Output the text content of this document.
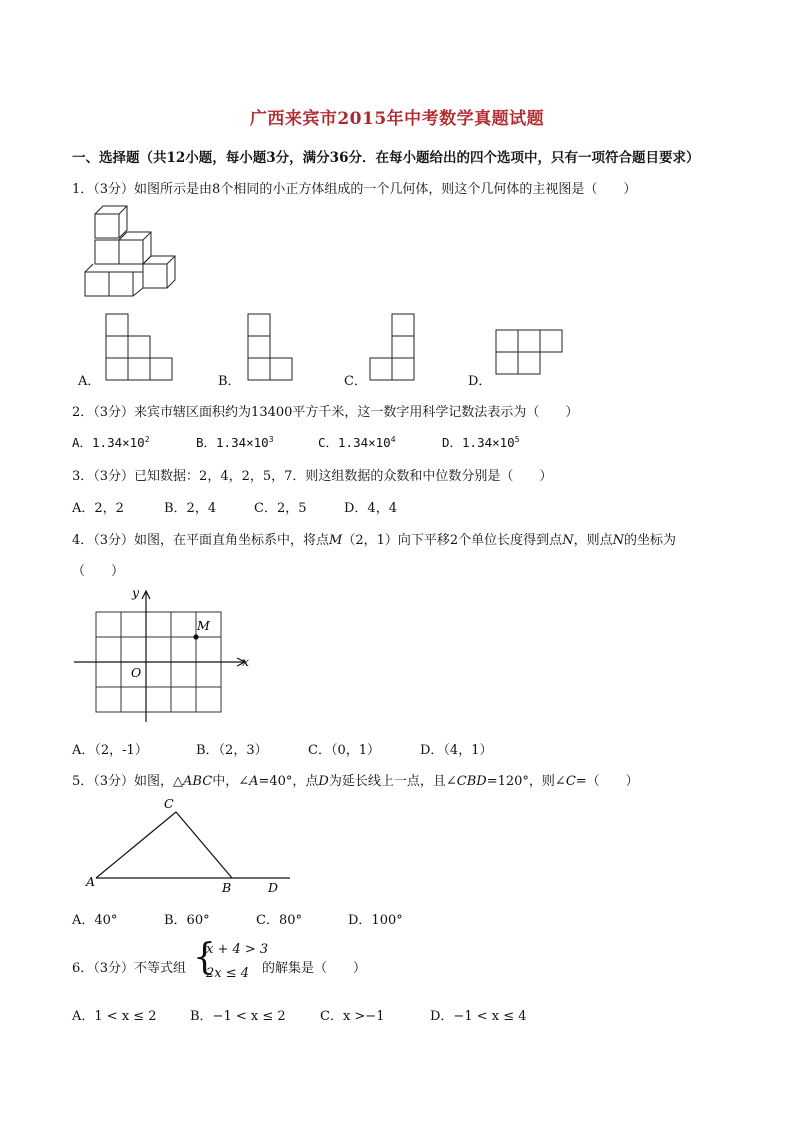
广西来宾市2015年中考数学真题试题
一、选择题（共12小题，每小题3分，满分36分．在每小题给出的四个选项中，只有一项符合题目要求）
1．（3分）如图所示是由8个相同的小正方体组成的一个几何体，则这个几何体的主视图是（　　）
A．	B．	C．	D．
2．（3分）来宾市辖区面积约为13400平方千米，这一数字用科学记数法表示为（　　）
A．$1.34\times 10^2$	B．$1.34\times 10^3$	C．$1.34\times 10^4$	D．$1.34\times 10^5$
3．（3分）已知数据：2，4，2，5，7．则这组数据的众数和中位数分别是（　　）
A．2，2	B．2，4	C．2，5	D．4，4
4．（3分）如图，在平面直角坐标系中，将点M（2，1）向下平移2个单位长度得到点N，则点N的坐标为
（　　）
y
x
O
M
A．（2，-1）	B．（2，3）	C．（0，1）	D．（4，1）
5．（3分）如图，△ABC中，∠A=40°，点D为延长线上一点，且∠CBD=120°，则∠C=（　　）
A
C
B	D
A．40°	B．60°	C．80°	D．100°
6．（3分）不等式组 {
x + 4 > 3
2x ≤ 4 的解集是（　　）
A．1 < x ≤ 2	B．−1 < x ≤ 2	C．x >−1	D．−1 < x ≤ 4
